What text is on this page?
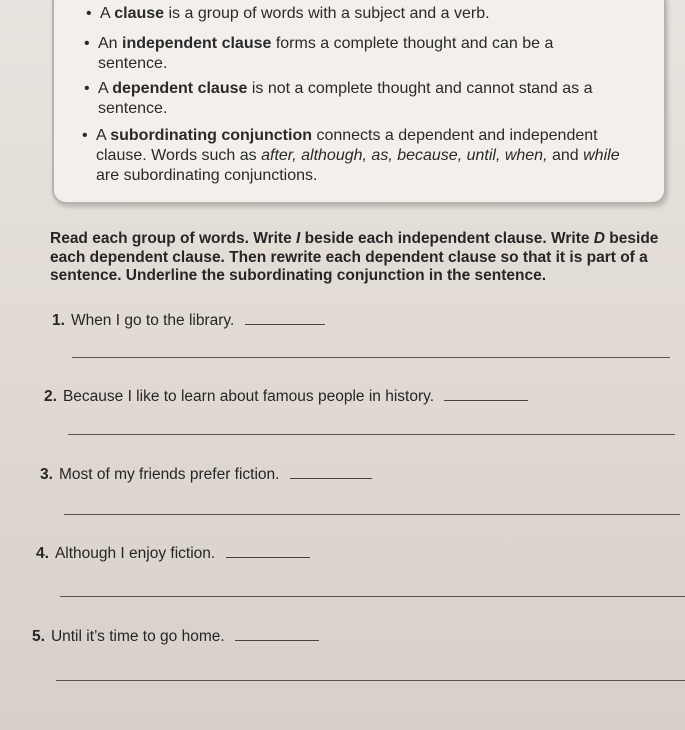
• A clause is a group of words with a subject and a verb.
• An independent clause forms a complete thought and can be a sentence.
• A dependent clause is not a complete thought and cannot stand as a sentence.
• A subordinating conjunction connects a dependent and independent clause. Words such as after, although, as, because, until, when, and while are subordinating conjunctions.
Read each group of words. Write I beside each independent clause. Write D beside each dependent clause. Then rewrite each dependent clause so that it is part of a sentence. Underline the subordinating conjunction in the sentence.
1. When I go to the library.
2. Because I like to learn about famous people in history.
3. Most of my friends prefer fiction.
4. Although I enjoy fiction.
5. Until it’s time to go home.
